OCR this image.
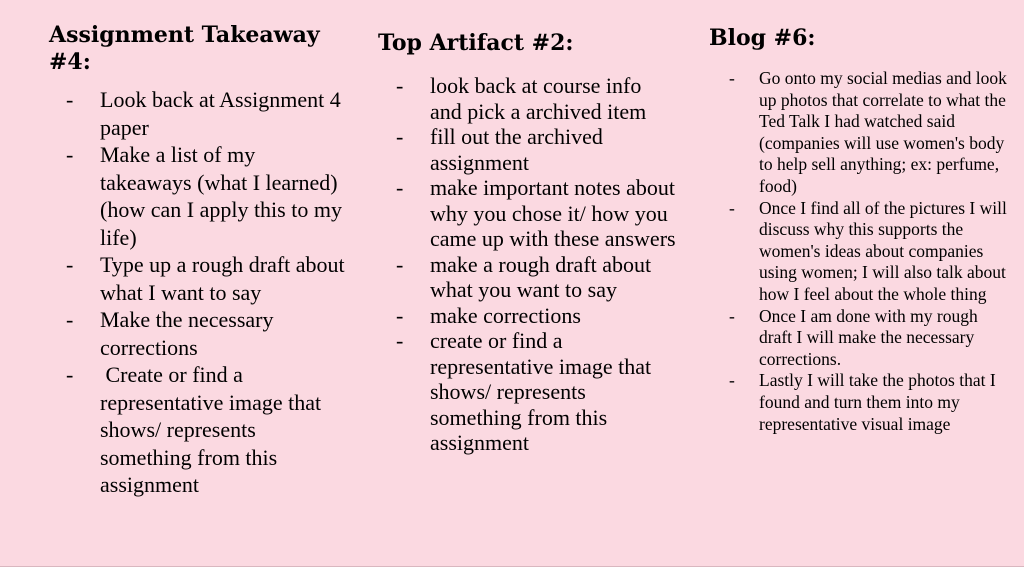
Assignment Takeaway #4:
- Look back at Assignment 4 paper
- Make a list of my takeaways (what I learned) (how can I apply this to my life)
- Type up a rough draft about what I want to say
- Make the necessary corrections
- Create or find a representative image that shows/ represents something from this assignment
Top Artifact #2:
- look back at course info and pick a archived item
- fill out the archived assignment
- make important notes about why you chose it/ how you came up with these answers
- make a rough draft about what you want to say
- make corrections
- create or find a representative image that shows/ represents something from this assignment
Blog #6:
- Go onto my social medias and look up photos that correlate to what the Ted Talk I had watched said (companies will use women's body to help sell anything; ex: perfume, food)
- Once I find all of the pictures I will discuss why this supports the women's ideas about companies using women; I will also talk about how I feel about the whole thing
- Once I am done with my rough draft I will make the necessary corrections.
- Lastly I will take the photos that I found and turn them into my representative visual image
